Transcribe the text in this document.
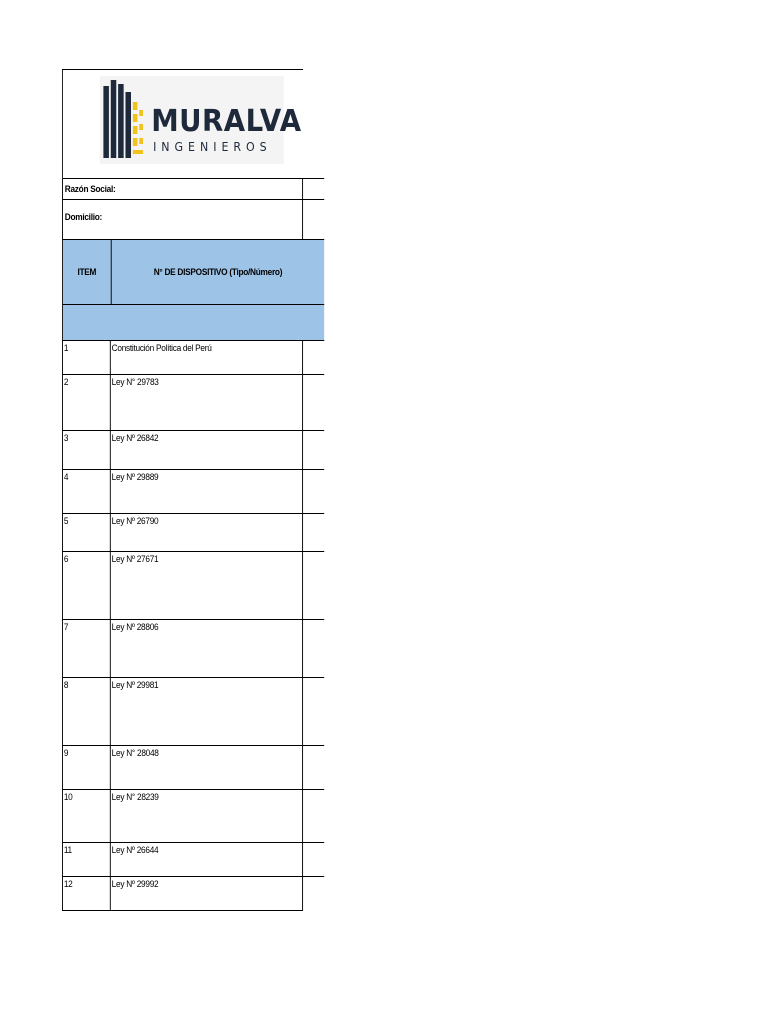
MURALVA
INGENIEROS
Razón Social:
Domicilio:
ITEM	N° DE DISPOSITIVO (Tipo/Número)
1	Constitución Política del Perú
2	Ley N° 29783
3	Ley Nº 26842
4	Ley Nº 29889
5	Ley Nº 26790
6	Ley Nº 27671
7	Ley Nº 28806
8	Ley Nº 29981
9	Ley N° 28048
10	Ley N° 28239
11	Ley Nº 26644
12	Ley Nº 29992
